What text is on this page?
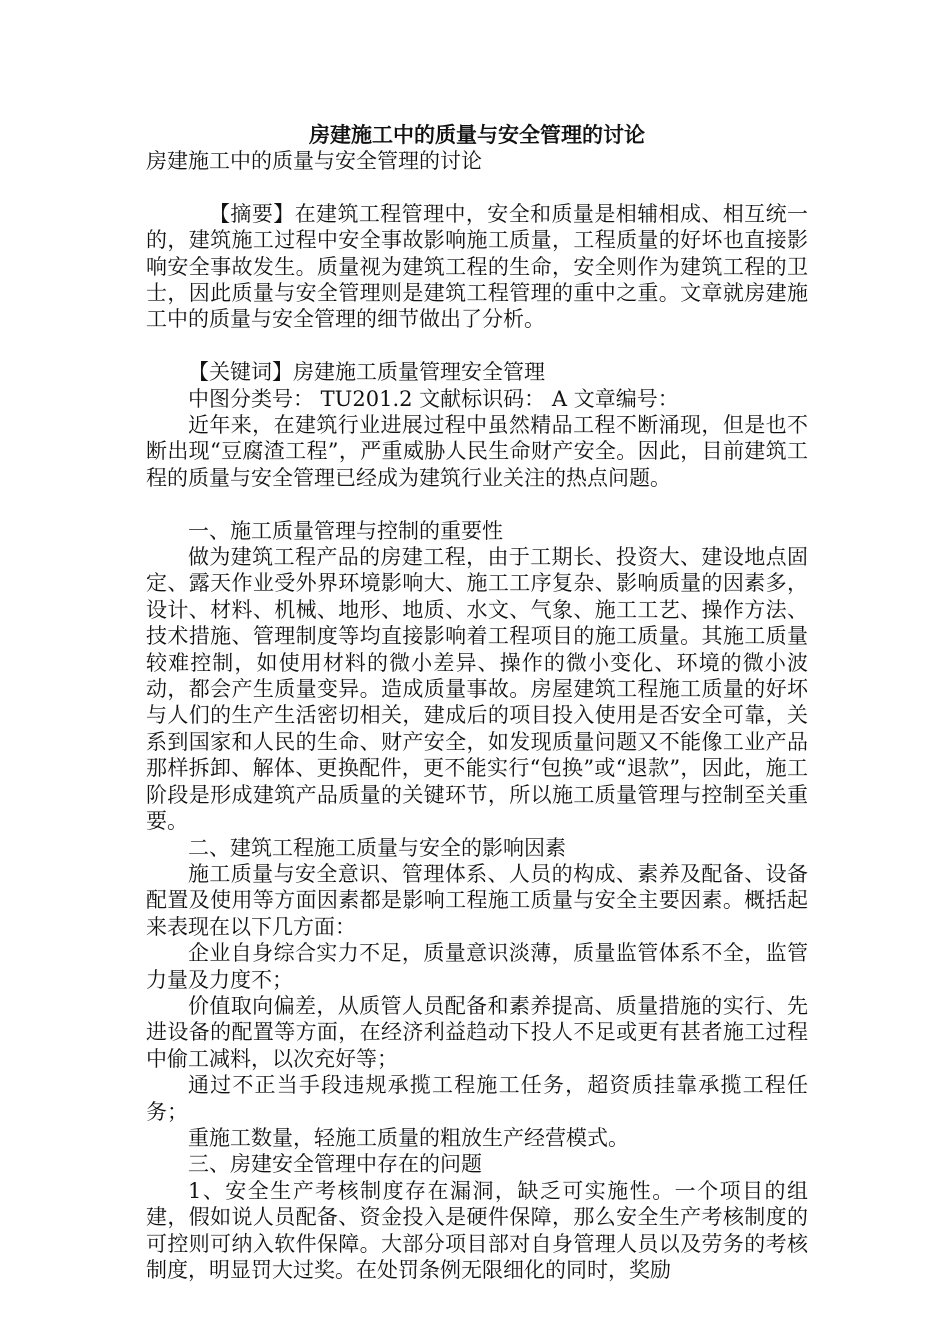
房建施工中的质量与安全管理的讨论

房建施工中的质量与安全管理的讨论

【摘要】在建筑工程管理中，安全和质量是相辅相成、相互统一的，建筑施工过程中安全事故影响施工质量，工程质量的好坏也直接影响安全事故发生。质量视为建筑工程的生命，安全则作为建筑工程的卫士，因此质量与安全管理则是建筑工程管理的重中之重。文章就房建施工中的质量与安全管理的细节做出了分析。

【关键词】房建施工质量管理安全管理

中图分类号： TU201.2 文献标识码： A 文章编号：

近年来，在建筑行业进展过程中虽然精品工程不断涌现，但是也不断出现“豆腐渣工程”，严重威胁人民生命财产安全。因此，目前建筑工程的质量与安全管理已经成为建筑行业关注的热点问题。

一、施工质量管理与控制的重要性

做为建筑工程产品的房建工程，由于工期长、投资大、建设地点固定、露天作业受外界环境影响大、施工工序复杂、影响质量的因素多，设计、材料、机械、地形、地质、水文、气象、施工工艺、操作方法、技术措施、管理制度等均直接影响着工程项目的施工质量。其施工质量较难控制，如使用材料的微小差异、操作的微小变化、环境的微小波动，都会产生质量变异。造成质量事故。房屋建筑工程施工质量的好坏与人们的生产生活密切相关，建成后的项目投入使用是否安全可靠，关系到国家和人民的生命、财产安全，如发现质量问题又不能像工业产品那样拆卸、解体、更换配件，更不能实行“包换”或“退款”，因此，施工阶段是形成建筑产品质量的关键环节，所以施工质量管理与控制至关重要。

二、建筑工程施工质量与安全的影响因素

施工质量与安全意识、管理体系、人员的构成、素养及配备、设备配置及使用等方面因素都是影响工程施工质量与安全主要因素。概括起来表现在以下几方面：

企业自身综合实力不足，质量意识淡薄，质量监管体系不全，监管力量及力度不；

价值取向偏差，从质管人员配备和素养提高、质量措施的实行、先进设备的配置等方面，在经济利益趋动下投人不足或更有甚者施工过程中偷工减料，以次充好等；

通过不正当手段违规承揽工程施工任务，超资质挂靠承揽工程任务；

重施工数量，轻施工质量的粗放生产经营模式。

三、房建安全管理中存在的问题

1、安全生产考核制度存在漏洞，缺乏可实施性。一个项目的组建，假如说人员配备、资金投入是硬件保障，那么安全生产考核制度的可控则可纳入软件保障。大部分项目部对自身管理人员以及劳务的考核制度，明显罚大过奖。在处罚条例无限细化的同时，奖励
